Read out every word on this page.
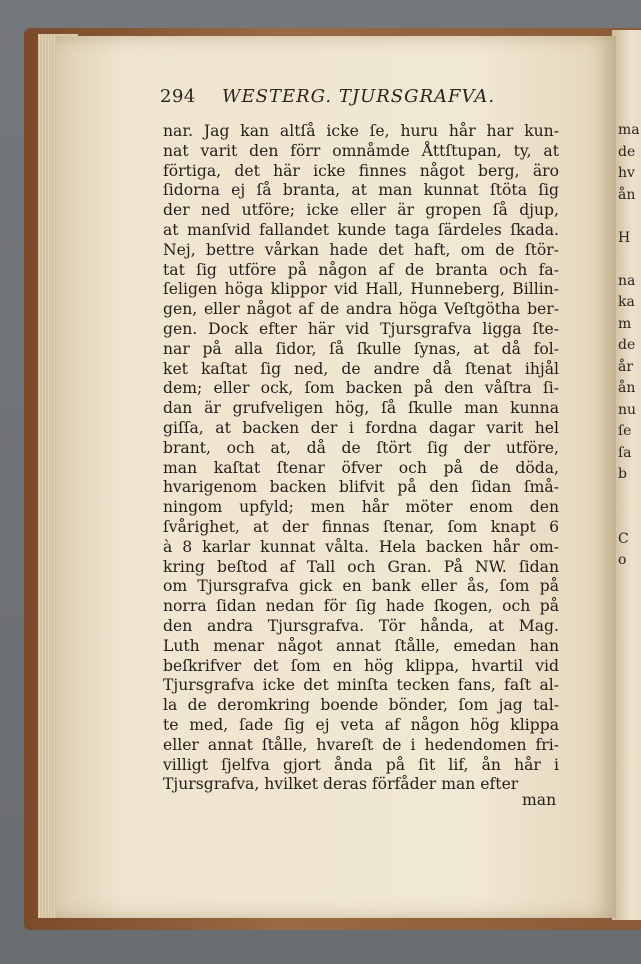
ma
de
hv
ån
H
na
ka
m
de
år
ån
nu
ſe
ſa
b
C
o
294 WESTERG. TJURSGRAFVA.
nar. Jag kan altſå icke ſe, huru hår har kun-
nat varit den förr omnåmde Åttſtupan, ty, at
förtiga, det här icke finnes något berg, äro
ſidorna ej ſå branta, at man kunnat ſtöta ſig
der ned utföre; icke eller är gropen ſå djup,
at manſvid fallandet kunde taga ſärdeles ſkada.
Nej, bettre vårkan hade det haft, om de ſtör-
tat ſig utföre på någon af de branta och fa-
ſeligen höga klippor vid Hall, Hunneberg, Billin-
gen, eller något af de andra höga Veſtgötha ber-
gen. Dock efter här vid Tjursgrafva ligga ſte-
nar på alla ſidor, ſå ſkulle ſynas, at då fol-
ket kaſtat ſig ned, de andre då ſtenat ihjål
dem; eller ock, ſom backen på den våſtra ſi-
dan är grufveligen hög, ſå ſkulle man kunna
giſſa, at backen der i fordna dagar varit hel
brant, och at, då de ſtört ſig der utföre,
man kaſtat ſtenar öfver och på de döda,
hvarigenom backen blifvit på den ſidan ſmå-
ningom upfyld; men hår möter enom den
ſvårighet, at der finnas ſtenar, ſom knapt 6
à 8 karlar kunnat vålta. Hela backen hår om-
kring beſtod af Tall och Gran. På NW. ſidan
om Tjursgrafva gick en bank eller ås, ſom på
norra ſidan nedan för ſig hade ſkogen, och på
den andra Tjursgrafva. Tör hånda, at Mag.
Luth menar något annat ſtålle, emedan han
beſkrifver det ſom en hög klippa, hvartil vid
Tjursgrafva icke det minſta tecken fans, faſt al-
la de deromkring boende bönder, ſom jag tal-
te med, ſade ſig ej veta af någon hög klippa
eller annat ſtålle, hvareſt de i hedendomen fri-
villigt ſjelfva gjort ånda på ſit lif, ån hår i
Tjursgrafva, hvilket deras förfåder man efter
man
